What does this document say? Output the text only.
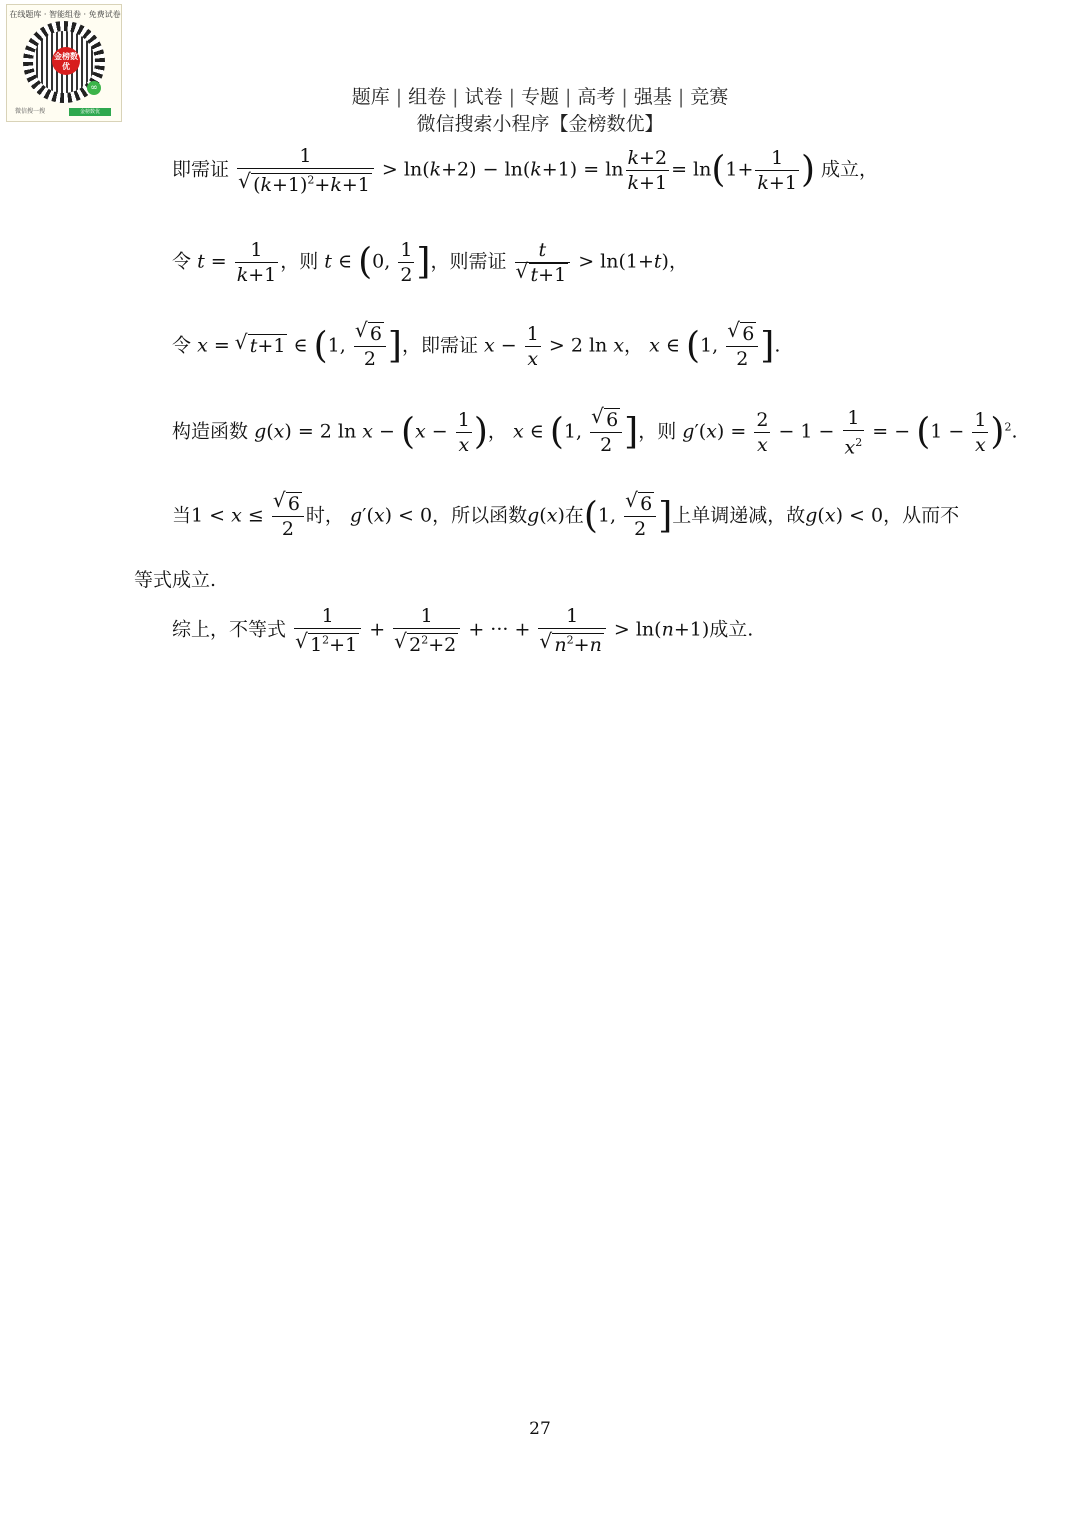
在线题库 · 智能组卷 · 免费试卷
金榜数优
∞
微信搜一搜	金榜数优
题库 | 组卷 | 试卷 | 专题 | 高考 | 强基 | 竞赛
微信搜索小程序【金榜数优】
即需证 1
√ $(k+1)^2+k+1 > \ln(k+2) - \ln(k+1) = \ln \frac{k+2}{k+1} = \ln(1+ \frac{1}{k+1}$ ) 成立，
令 $t = \frac{1}{k+1}$ ，则 t ∈ (0, $\frac{1}{2}$ ]，则需证 t
√ t+1 > ln(1+t)，
令 x = √ t+1 ∈ (1, √ $\frac{6}{2}$ ]，即需证 $x - \frac{1}{x} > 2$ ln x， x ∈ (1, √ $\frac{6}{2}$ ].
构造函数 g(x) = 2 $\ln x - (x - \frac{1}{x}$ )， x ∈ (1, √ $\frac{6}{2}$ ]，则 $g'(x) = \frac{2}{x} - 1 - \frac{1}{x^2}$ = − $(1 - \frac{1}{x} )^2$.
当1 < x ≤ √ $\frac{6}{2}$ 时， g′(x) < 0，所以函数g(x)在(1, √ $\frac{6}{2}$ ]上单调递减，故g(x) < 0，从而不
等式成立.
综上，不等式 1
√ $1^2+1 + 1$
√ $2^2+2$ + ··· + 1
√ $n^2+n > \ln(n+1)$成立.
27
